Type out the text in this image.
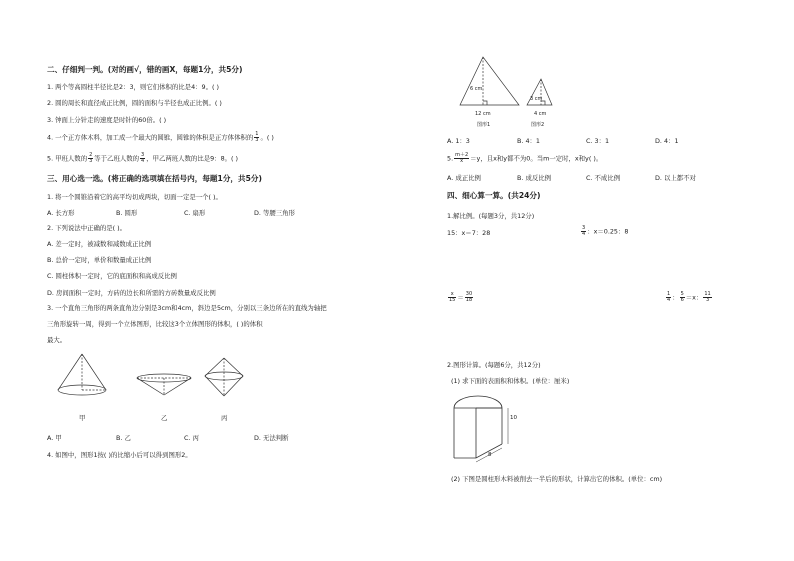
二、仔细判一判。(对的画√，错的画X，每题1分，共5分)
1. 两个等高圆柱半径比是2：3，则它们体积的比是4：9。( )
2. 圆的周长和直径成正比例，圆的面积与半径也成正比例。( )
3. 钟面上分针走的速度是时针的60倍。( )
4. 一个正方体木料，加工成一个最大的圆锥，圆锥的体积是正方体体积的 $\frac{1}{3}$ 。( )
5. 甲班人数的 $\frac{2}{3}$ 等于乙班人数的 $\frac{3}{4}$ ，甲乙两班人数的比是9：8。( )
三、用心选一选。(将正确的选项填在括号内，每题1分，共5分)
1. 将一个圆锥沿着它的高平均切成两块，切面一定是一个( )。
A. 长方形	B. 圆形	C. 扇形	D. 等腰三角形
2. 下列说法中正确的是( )。
A. 差一定时，被减数和减数成正比例
B. 总价一定时，单价和数量成正比例
C. 圆柱体积一定时，它的底面积和高成反比例
D. 房间面积一定时，方砖的边长和所需的方砖数量成反比例
3. 一个直角三角形的两条直角边分别是3cm和4cm，斜边是5cm，分别以三条边所在的直线为轴把
三角形旋转一周，得到一个立体图形，比较这3个立体图形的体积，( )的体积
最大。
甲	乙	丙
A. 甲	B. 乙	C. 丙	D. 无法判断
4. 如图中，图形1按( )的比缩小后可以得到图形2。
6 cm
12 cm
图形1
3 cm
4 cm
图形2
A. 1：3	B. 4：1	C. 3：1	D. 4：1
5. $\frac{m+2}{x} =y$，且x和y都不为0。当m一定时，x和y( )。
A. 成正比例	B. 成反比例	C. 不成比例	D. 以上都不对
四、细心算一算。(共24分)
1.解比例。(每题3分，共12分)
15：x＝7：28	$\frac{3}{4}$ ：x＝0.25：8
$\frac{x}{15} = \frac{30}{18}$	$\frac{1}{4}$ ： $\frac{5}{6} =x$： $\frac{11}{3}$
2.图形计算。(每题6分，共12分)
(1) 求下面的表面积和体积。(单位：厘米)
10
8
(2) 下图是圆柱形木料被削去一半后的形状，计算出它的体积。(单位：cm)
